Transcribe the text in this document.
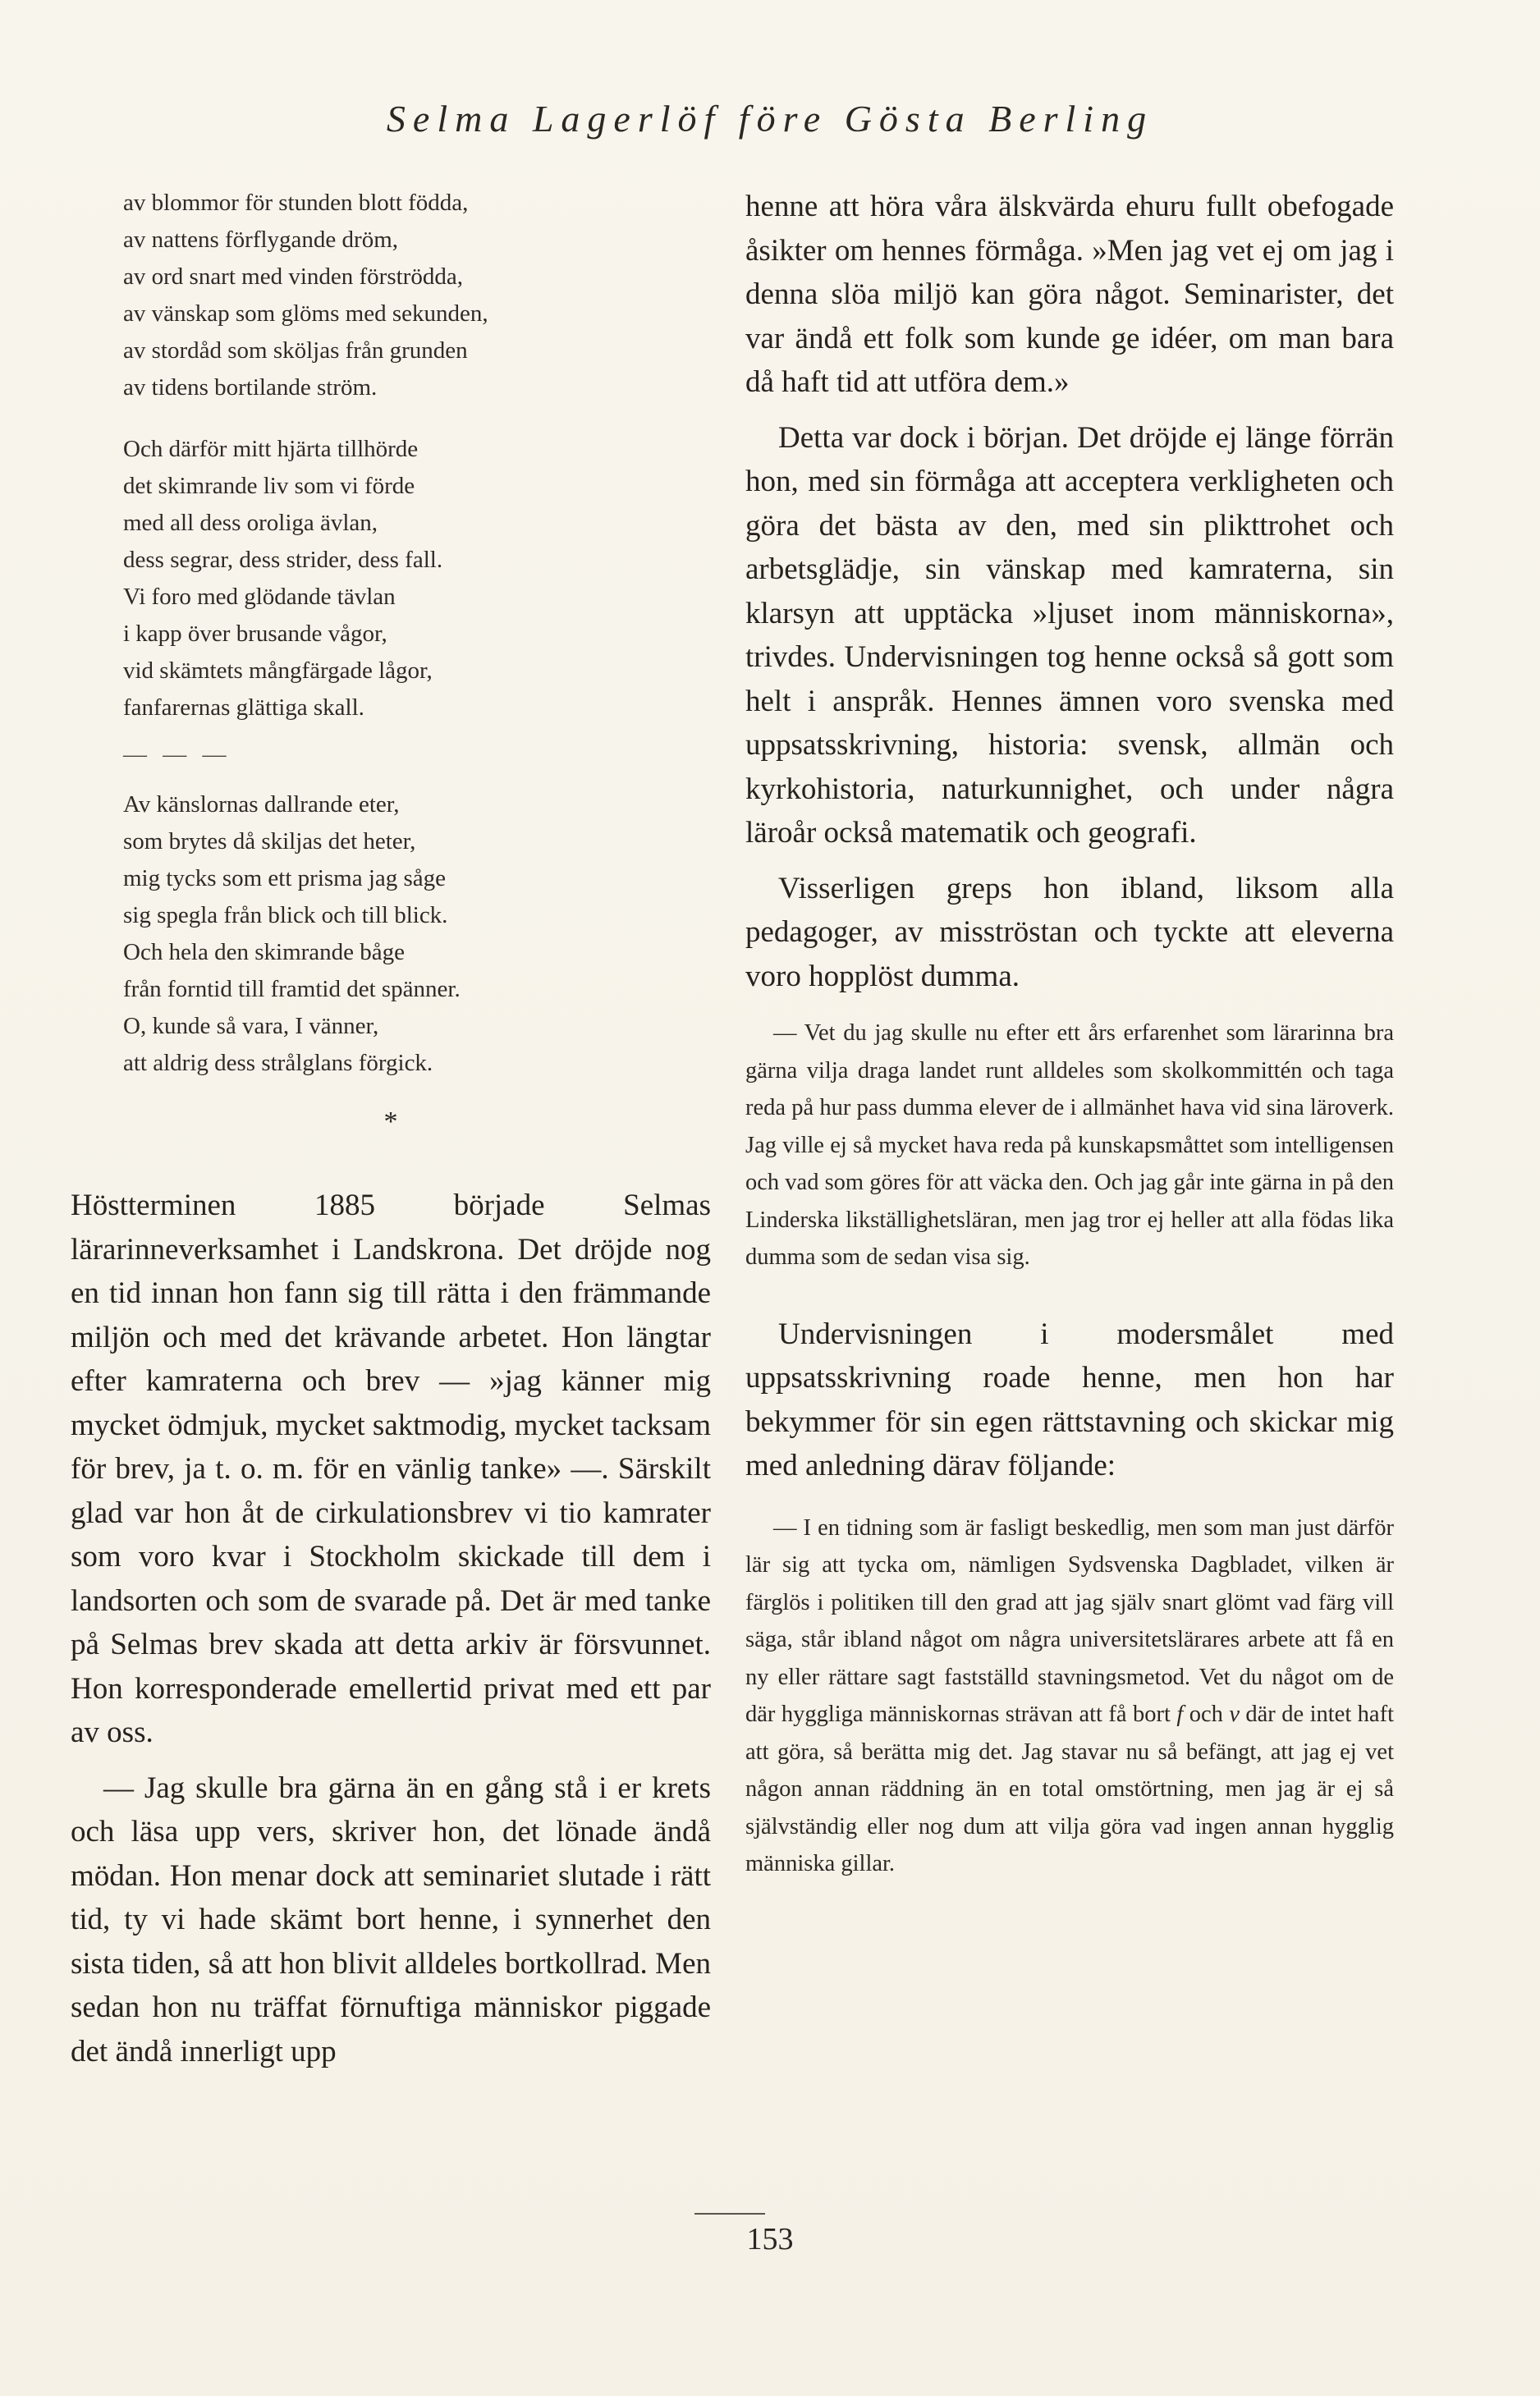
Selma Lagerlöf före Gösta Berling
av blommor för stunden blott födda,
av nattens förflygande dröm,
av ord snart med vinden förströdda,
av vänskap som glöms med sekunden,
av stordåd som sköljas från grunden
av tidens bortilande ström.
Och därför mitt hjärta tillhörde
det skimrande liv som vi förde
med all dess oroliga ävlan,
dess segrar, dess strider, dess fall.
Vi foro med glödande tävlan
i kapp över brusande vågor,
vid skämtets mångfärgade lågor,
fanfarernas glättiga skall.
— — —
Av känslornas dallrande eter,
som brytes då skiljas det heter,
mig tycks som ett prisma jag såge
sig spegla från blick och till blick.
Och hela den skimrande båge
från forntid till framtid det spänner.
O, kunde så vara, I vänner,
att aldrig dess strålglans förgick.
*

Höstterminen 1885 började Selmas lärarinneverksamhet i Landskrona. Det dröjde nog en tid innan hon fann sig till rätta i den främmande miljön och med det krävande arbetet. Hon längtar efter kamraterna och brev — »jag känner mig mycket ödmjuk, mycket saktmodig, mycket tacksam för brev, ja t. o. m. för en vänlig tanke» —. Särskilt glad var hon åt de cirkulationsbrev vi tio kamrater som voro kvar i Stockholm skickade till dem i landsorten och som de svarade på. Det är med tanke på Selmas brev skada att detta arkiv är försvunnet. Hon korresponderade emellertid privat med ett par av oss.

— Jag skulle bra gärna än en gång stå i er krets och läsa upp vers, skriver hon, det lönade ändå mödan. Hon menar dock att seminariet slutade i rätt tid, ty vi hade skämt bort henne, i synnerhet den sista tiden, så att hon blivit alldeles bortkollrad. Men sedan hon nu träffat förnuftiga människor piggade det ändå innerligt upp

henne att höra våra älskvärda ehuru fullt obefogade åsikter om hennes förmåga. »Men jag vet ej om jag i denna slöa miljö kan göra något. Seminarister, det var ändå ett folk som kunde ge idéer, om man bara då haft tid att utföra dem.»

Detta var dock i början. Det dröjde ej länge förrän hon, med sin förmåga att acceptera verkligheten och göra det bästa av den, med sin plikttrohet och arbetsglädje, sin vänskap med kamraterna, sin klarsyn att upptäcka »ljuset inom människorna», trivdes. Undervisningen tog henne också så gott som helt i anspråk. Hennes ämnen voro svenska med uppsatsskrivning, historia: svensk, allmän och kyrkohistoria, naturkunnighet, och under några läroår också matematik och geografi.

Visserligen greps hon ibland, liksom alla pedagoger, av misströstan och tyckte att eleverna voro hopplöst dumma.

— Vet du jag skulle nu efter ett års erfarenhet som lärarinna bra gärna vilja draga landet runt alldeles som skolkommittén och taga reda på hur pass dumma elever de i allmänhet hava vid sina läroverk. Jag ville ej så mycket hava reda på kunskapsmåttet som intelligensen och vad som göres för att väcka den. Och jag går inte gärna in på den Linderska likställighetsläran, men jag tror ej heller att alla födas lika dumma som de sedan visa sig.

Undervisningen i modersmålet med uppsatsskrivning roade henne, men hon har bekymmer för sin egen rättstavning och skickar mig med anledning därav följande:

— I en tidning som är fasligt beskedlig, men som man just därför lär sig att tycka om, nämligen Sydsvenska Dagbladet, vilken är färglös i politiken till den grad att jag själv snart glömt vad färg vill säga, står ibland något om några universitetslärares arbete att få en ny eller rättare sagt fastställd stavningsmetod. Vet du något om de där hyggliga människornas strävan att få bort f och v där de intet haft att göra, så berätta mig det. Jag stavar nu så befängt, att jag ej vet någon annan räddning än en total omstörtning, men jag är ej så självständig eller nog dum att vilja göra vad ingen annan hygglig människa gillar.

153
